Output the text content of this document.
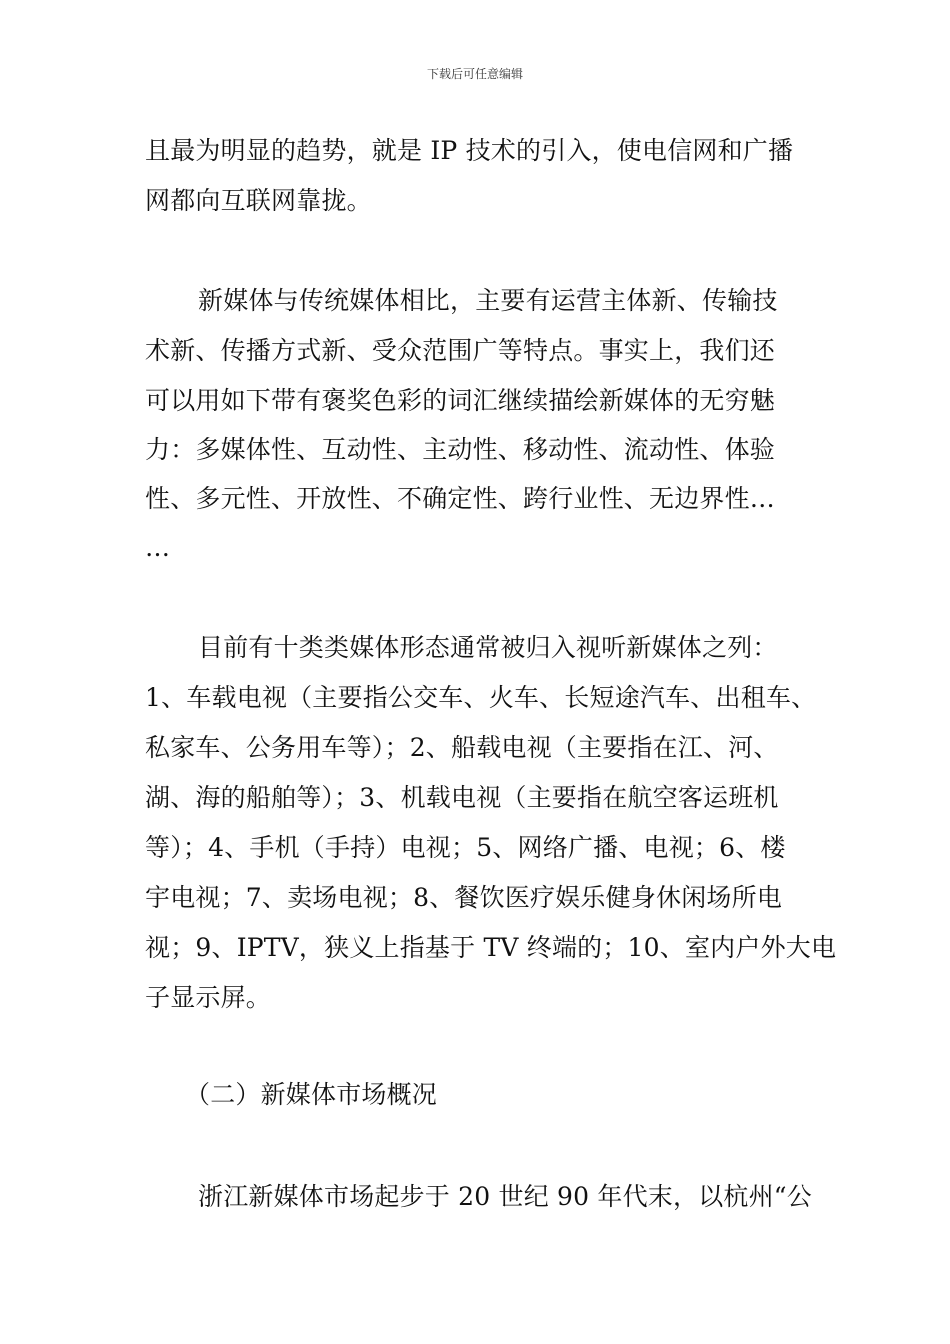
下载后可任意编辑
且最为明显的趋势，就是 IP 技术的引入，使电信网和广播
网都向互联网靠拢。
新媒体与传统媒体相比，主要有运营主体新、传输技
术新、传播方式新、受众范围广等特点。事实上，我们还
可以用如下带有褒奖色彩的词汇继续描绘新媒体的无穷魅
力：多媒体性、互动性、主动性、移动性、流动性、体验
性、多元性、开放性、不确定性、跨行业性、无边界性…
…
目前有十类类媒体形态通常被归入视听新媒体之列：
1、车载电视（主要指公交车、火车、长短途汽车、出租车、
私家车、公务用车等）；2、船载电视（主要指在江、河、
湖、海的船舶等）；3、机载电视（主要指在航空客运班机
等）；4、手机（手持）电视；5、网络广播、电视；6、楼
宇电视；7、卖场电视；8、餐饮医疗娱乐健身休闲场所电
视；9、IPTV，狭义上指基于 TV 终端的；10、室内户外大电
子显示屏。
（二）新媒体市场概况
浙江新媒体市场起步于 20 世纪 90 年代末，以杭州“公
